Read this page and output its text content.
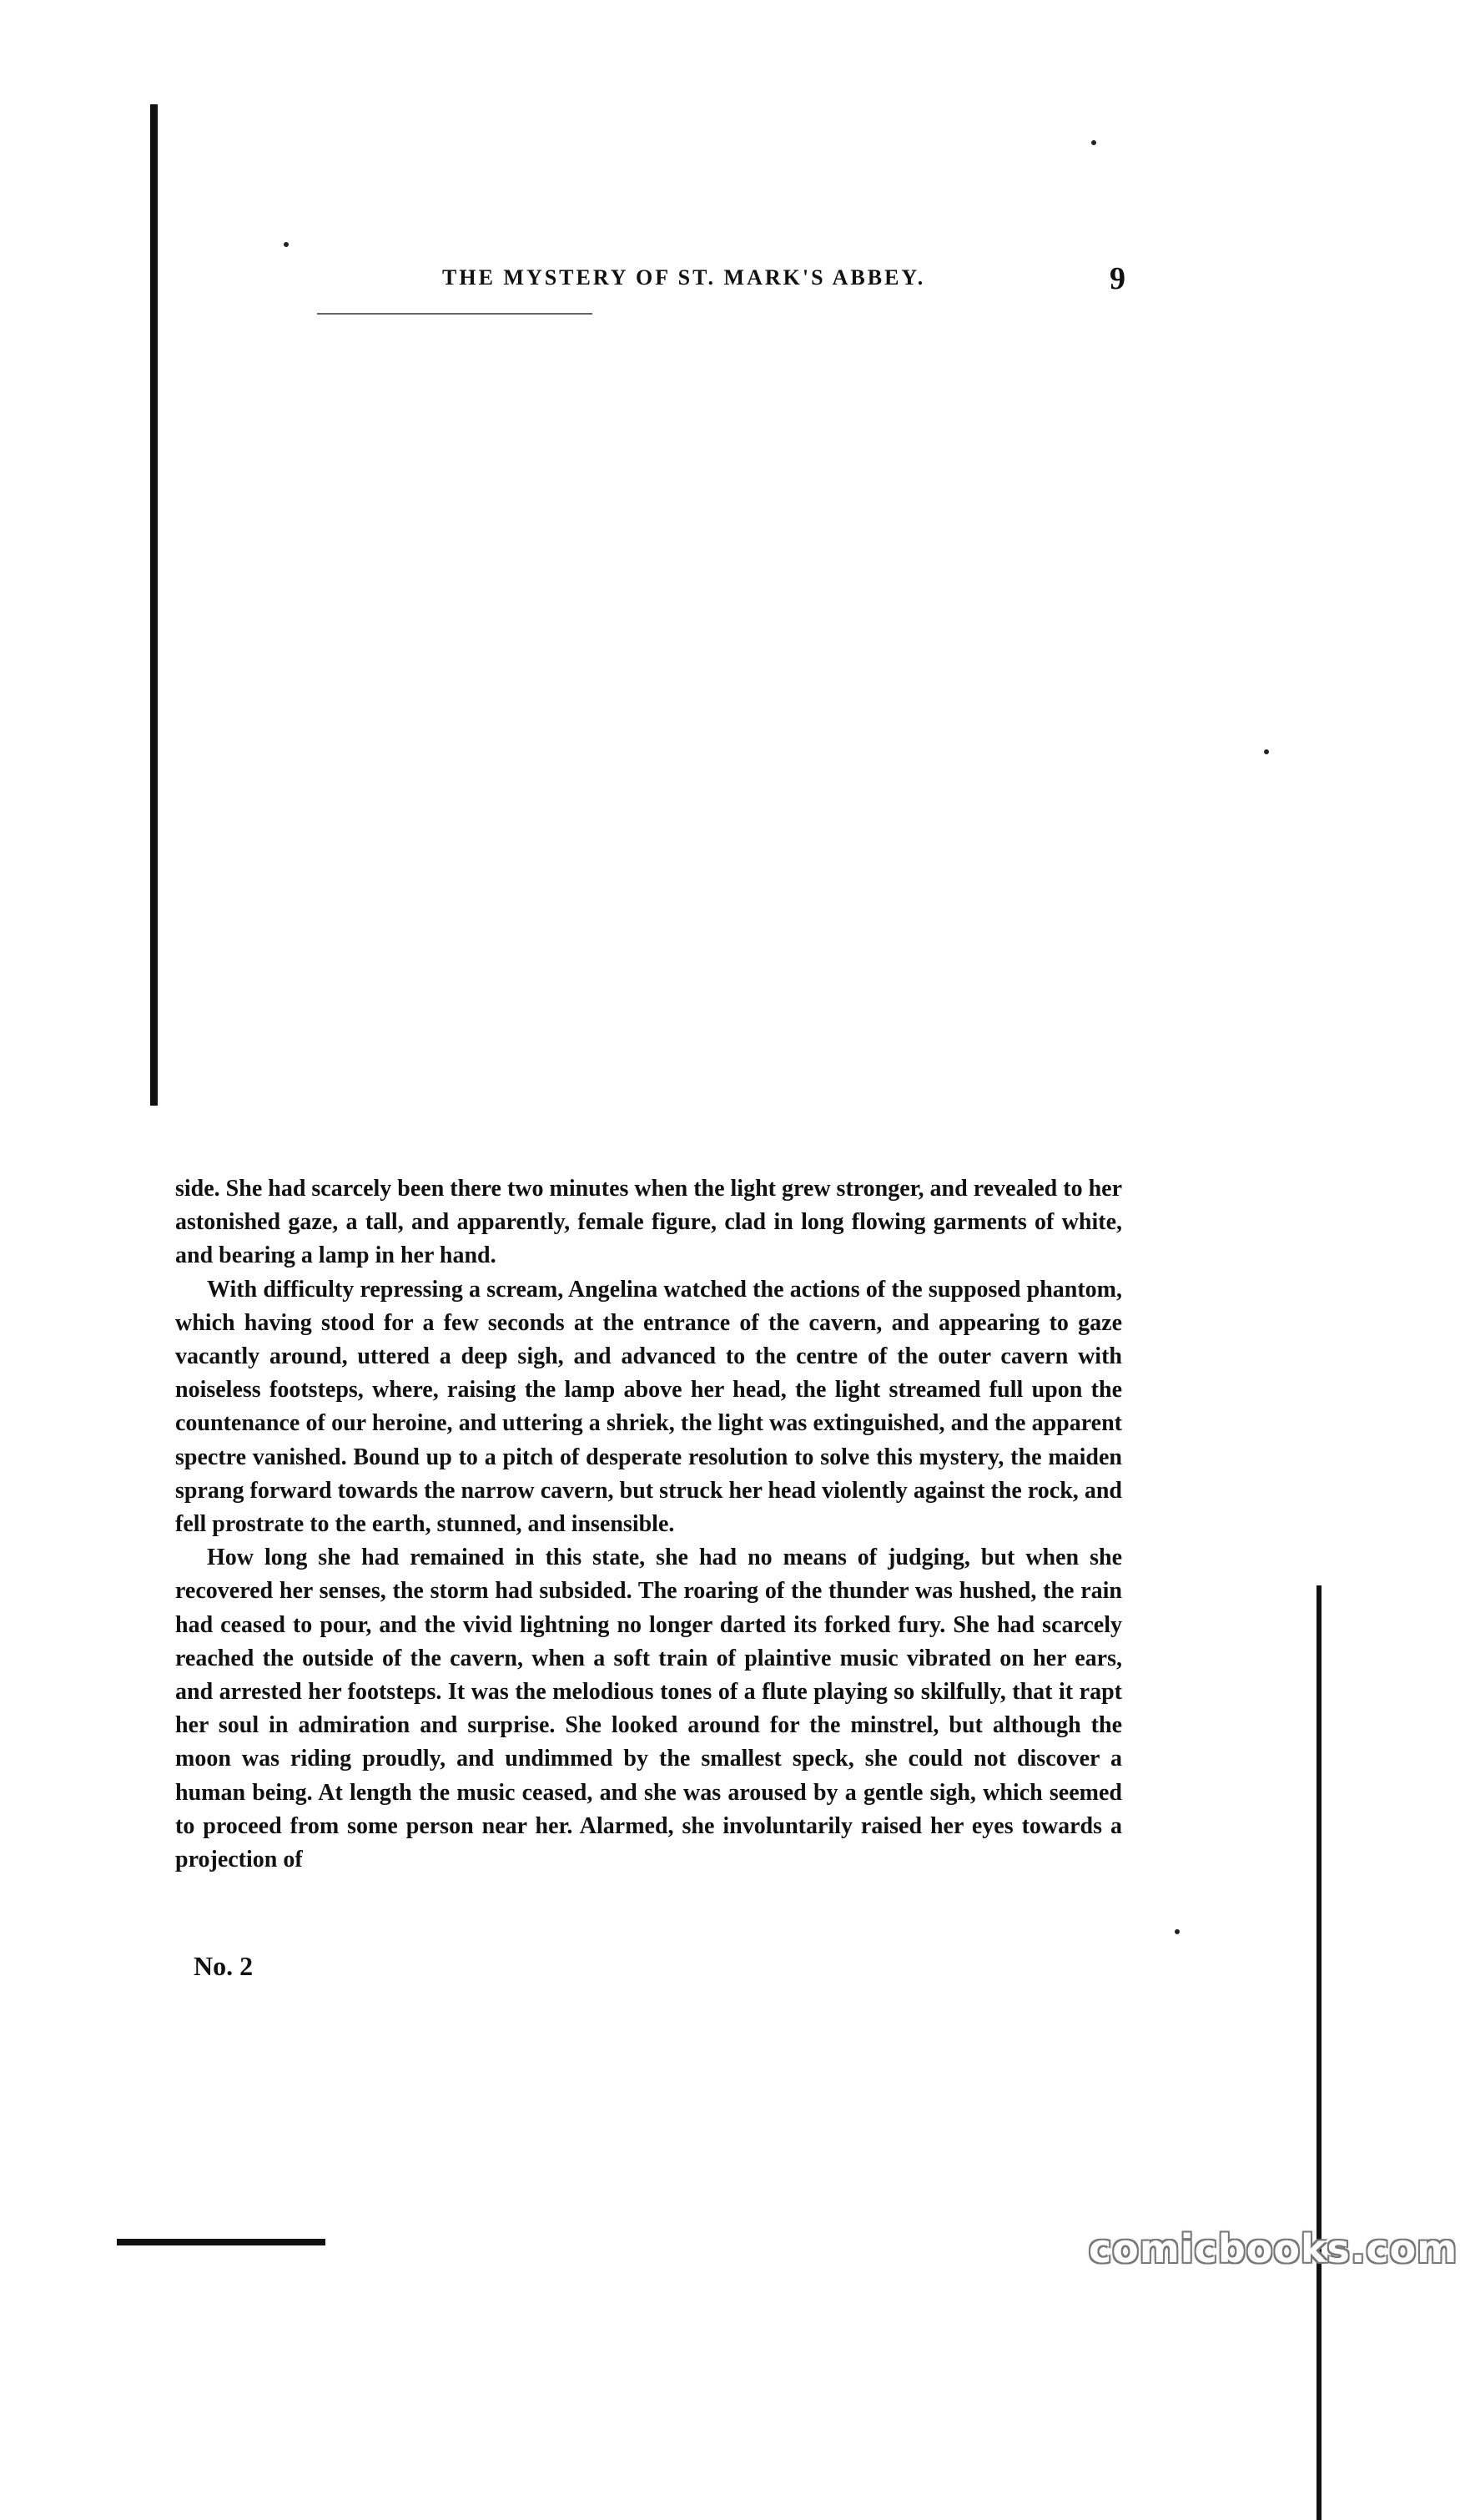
THE MYSTERY OF ST. MARK'S ABBEY.	9

side. She had scarcely been there two minutes when the light grew stronger, and revealed to her astonished gaze, a tall, and apparently, female figure, clad in long flowing garments of white, and bearing a lamp in her hand.

With difficulty repressing a scream, Angelina watched the actions of the supposed phantom, which having stood for a few seconds at the entrance of the cavern, and appearing to gaze vacantly around, uttered a deep sigh, and advanced to the centre of the outer cavern with noiseless footsteps, where, raising the lamp above her head, the light streamed full upon the countenance of our heroine, and uttering a shriek, the light was extinguished, and the apparent spectre vanished. Bound up to a pitch of desperate resolution to solve this mystery, the maiden sprang forward towards the narrow cavern, but struck her head violently against the rock, and fell prostrate to the earth, stunned, and insensible.

How long she had remained in this state, she had no means of judging, but when she recovered her senses, the storm had subsided. The roaring of the thunder was hushed, the rain had ceased to pour, and the vivid lightning no longer darted its forked fury. She had scarcely reached the outside of the cavern, when a soft train of plaintive music vibrated on her ears, and arrested her footsteps. It was the melodious tones of a flute playing so skilfully, that it rapt her soul in admiration and surprise. She looked around for the minstrel, but although the moon was riding proudly, and undimmed by the smallest speck, she could not discover a human being. At length the music ceased, and she was aroused by a gentle sigh, which seemed to proceed from some person near her. Alarmed, she involuntarily raised her eyes towards a projection of

No. 2
comicbooks.com
